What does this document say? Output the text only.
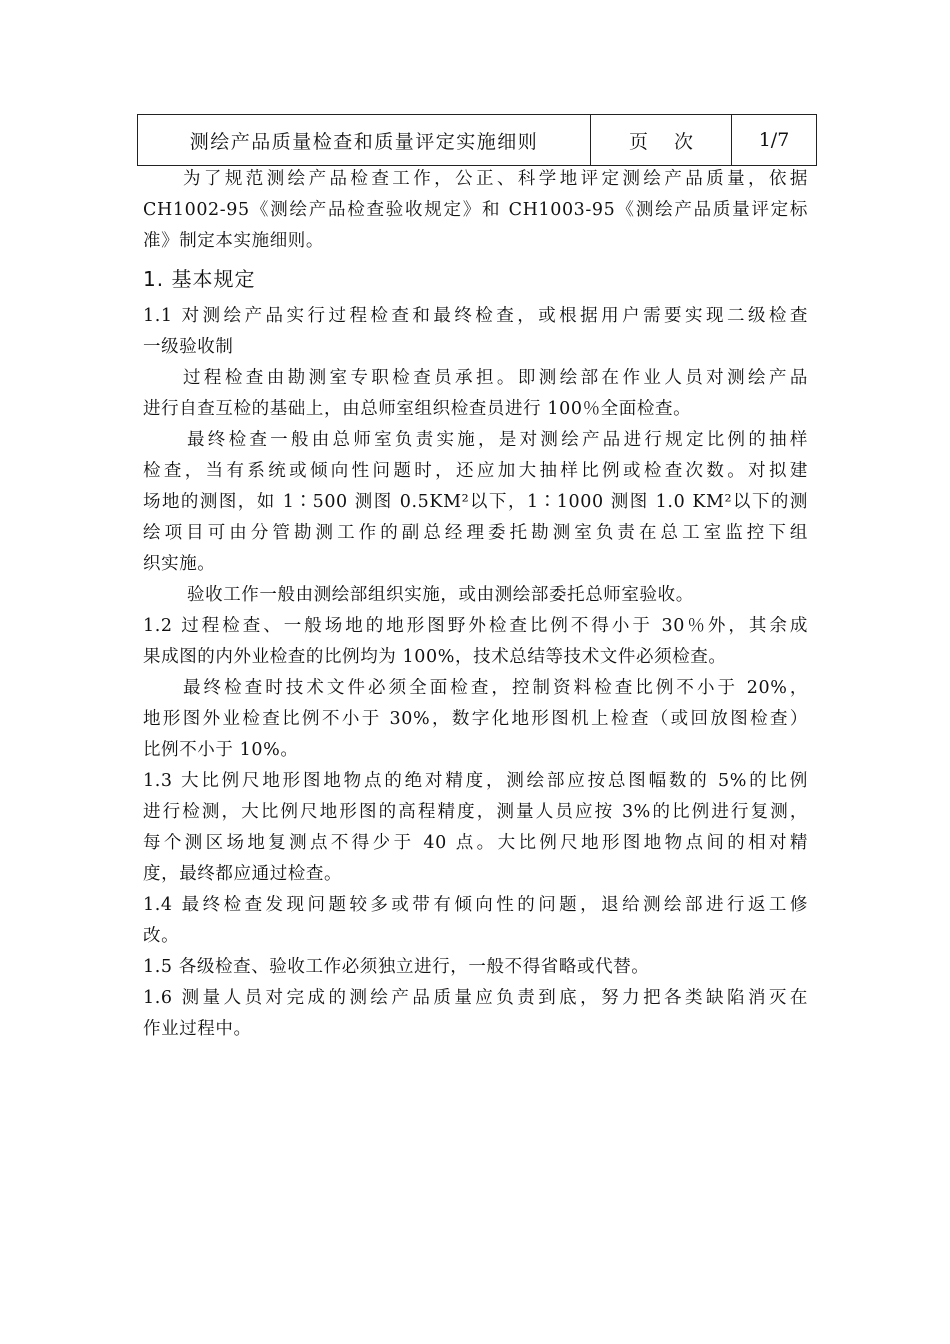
测绘产品质量检查和质量评定实施细则	页次	1/7
为了规范测绘产品检查工作，公正、科学地评定测绘产品质量，依据
CH1002-95《测绘产品检查验收规定》和 CH1003-95《测绘产品质量评定标
准》制定本实施细则。
1. 基本规定
1.1 对测绘产品实行过程检查和最终检查，或根据用户需要实现二级检查
一级验收制
过程检查由勘测室专职检查员承担。即测绘部在作业人员对测绘产品
进行自查互检的基础上，由总师室组织检查员进行 100％全面检查。
最终检查一般由总师室负责实施，是对测绘产品进行规定比例的抽样
检查，当有系统或倾向性问题时，还应加大抽样比例或检查次数。对拟建
场地的测图，如 1∶500 测图 0.5KM²以下，1∶1000 测图 1.0 KM²以下的测
绘项目可由分管勘测工作的副总经理委托勘测室负责在总工室监控下组
织实施。
验收工作一般由测绘部组织实施，或由测绘部委托总师室验收。
1.2 过程检查、一般场地的地形图野外检查比例不得小于 30％外，其余成
果成图的内外业检查的比例均为 100%，技术总结等技术文件必须检查。
最终检查时技术文件必须全面检查，控制资料检查比例不小于 20%，
地形图外业检查比例不小于 30%，数字化地形图机上检查（或回放图检查）
比例不小于 10%。
1.3 大比例尺地形图地物点的绝对精度，测绘部应按总图幅数的 5%的比例
进行检测，大比例尺地形图的高程精度，测量人员应按 3%的比例进行复测，
每个测区场地复测点不得少于 40 点。大比例尺地形图地物点间的相对精
度，最终都应通过检查。
1.4 最终检查发现问题较多或带有倾向性的问题，退给测绘部进行返工修
改。
1.5 各级检查、验收工作必须独立进行，一般不得省略或代替。
1.6 测量人员对完成的测绘产品质量应负责到底，努力把各类缺陷消灭在
作业过程中。
